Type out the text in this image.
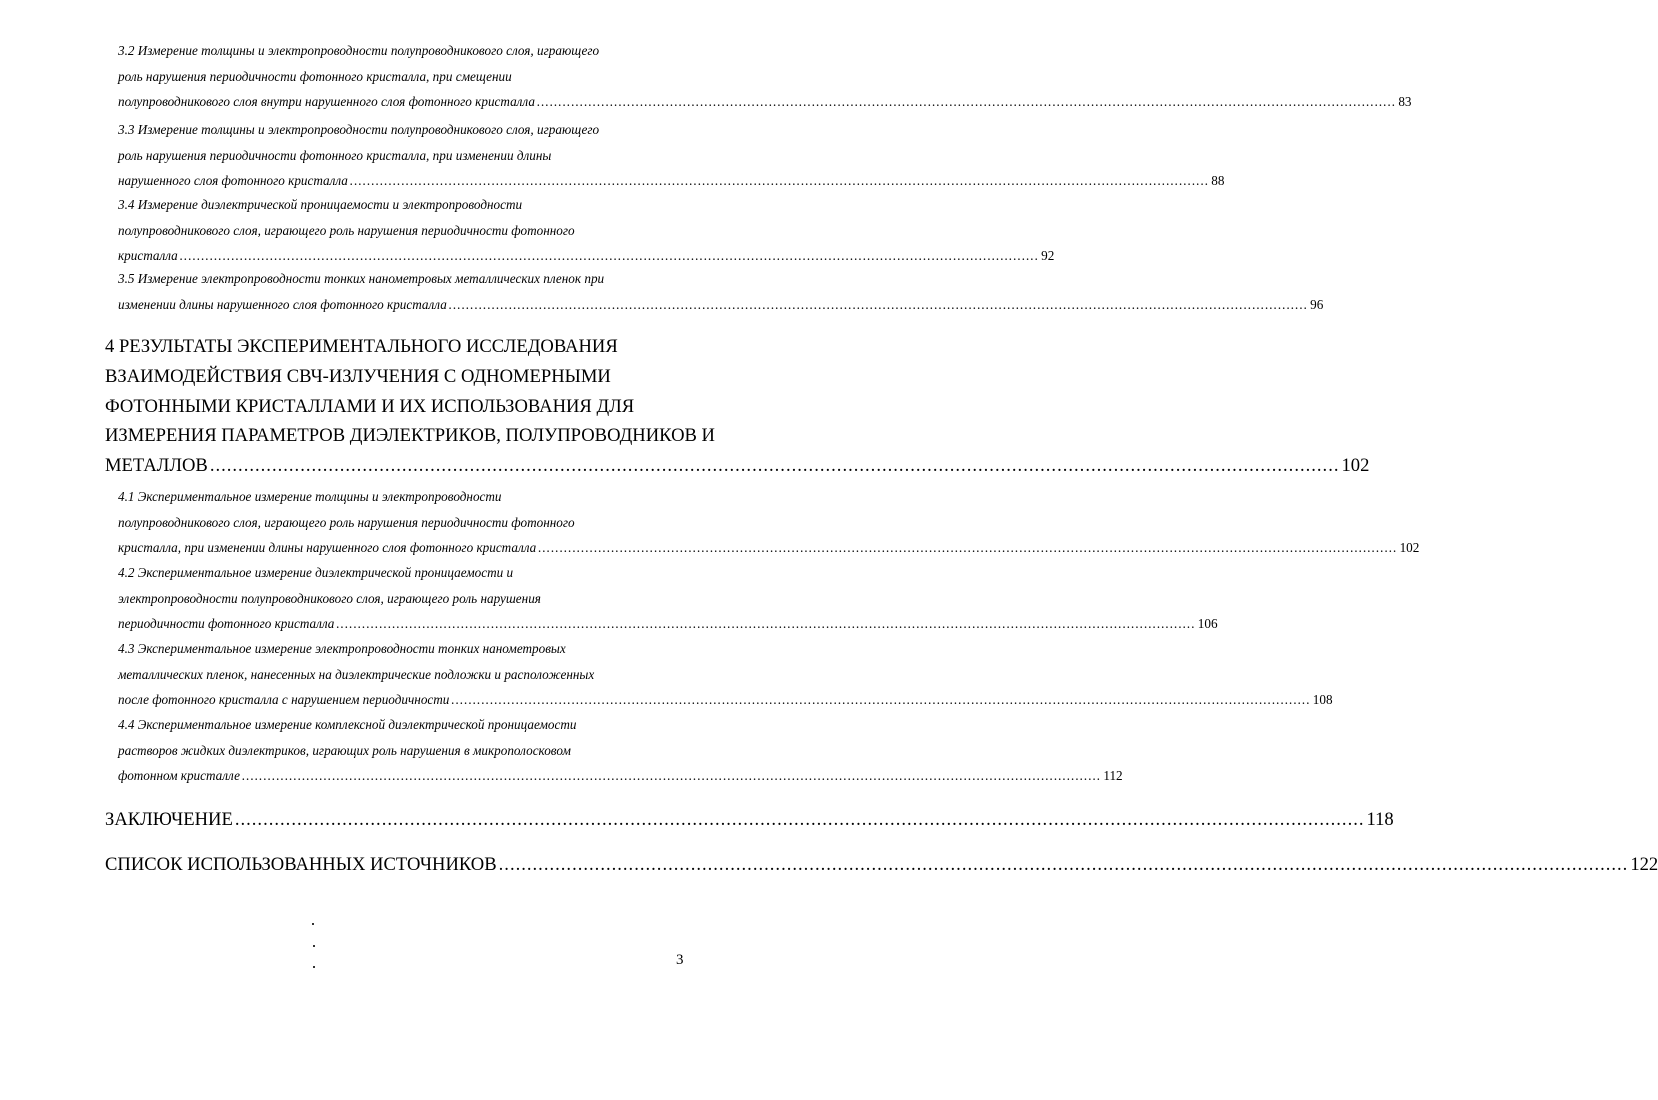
3.2 Измерение толщины и электропроводности полупроводникового слоя, играющего
роль нарушения периодичности фотонного кристалла, при смещении
полупроводникового слоя внутри нарушенного слоя фотонного кристалла ........................................................................................................................................................................................................ 83
3.3 Измерение толщины и электропроводности полупроводникового слоя, играющего
роль нарушения периодичности фотонного кристалла, при изменении длины
нарушенного слоя фотонного кристалла ........................................................................................................................................................................................................ 88
3.4 Измерение диэлектрической проницаемости и электропроводности
полупроводникового слоя, играющего роль нарушения периодичности фотонного
кристалла ........................................................................................................................................................................................................ 92
3.5 Измерение электропроводности тонких нанометровых металлических пленок при
изменении длины нарушенного слоя фотонного кристалла ........................................................................................................................................................................................................ 96
4 РЕЗУЛЬТАТЫ ЭКСПЕРИМЕНТАЛЬНОГО ИССЛЕДОВАНИЯ
ВЗАИМОДЕЙСТВИЯ СВЧ-ИЗЛУЧЕНИЯ С ОДНОМЕРНЫМИ
ФОТОННЫМИ КРИСТАЛЛАМИ И ИХ ИСПОЛЬЗОВАНИЯ ДЛЯ
ИЗМЕРЕНИЯ ПАРАМЕТРОВ ДИЭЛЕКТРИКОВ, ПОЛУПРОВОДНИКОВ И
МЕТАЛЛОВ ........................................................................................................................................................................................................ 102
4.1 Экспериментальное измерение толщины и электропроводности
полупроводникового слоя, играющего роль нарушения периодичности фотонного
кристалла, при изменении длины нарушенного слоя фотонного кристалла ........................................................................................................................................................................................................ 102
4.2 Экспериментальное измерение диэлектрической проницаемости и
электропроводности полупроводникового слоя, играющего роль нарушения
периодичности фотонного кристалла ........................................................................................................................................................................................................ 106
4.3 Экспериментальное измерение электропроводности тонких нанометровых
металлических пленок, нанесенных на диэлектрические подложки и расположенных
после фотонного кристалла с нарушением периодичности ........................................................................................................................................................................................................ 108
4.4 Экспериментальное измерение комплексной диэлектрической проницаемости
растворов жидких диэлектриков, играющих роль нарушения в микрополосковом
фотонном кристалле ........................................................................................................................................................................................................ 112
ЗАКЛЮЧЕНИЕ ........................................................................................................................................................................................................ 118
СПИСОК ИСПОЛЬЗОВАННЫХ ИСТОЧНИКОВ ........................................................................................................................................................................................................ 122
3
